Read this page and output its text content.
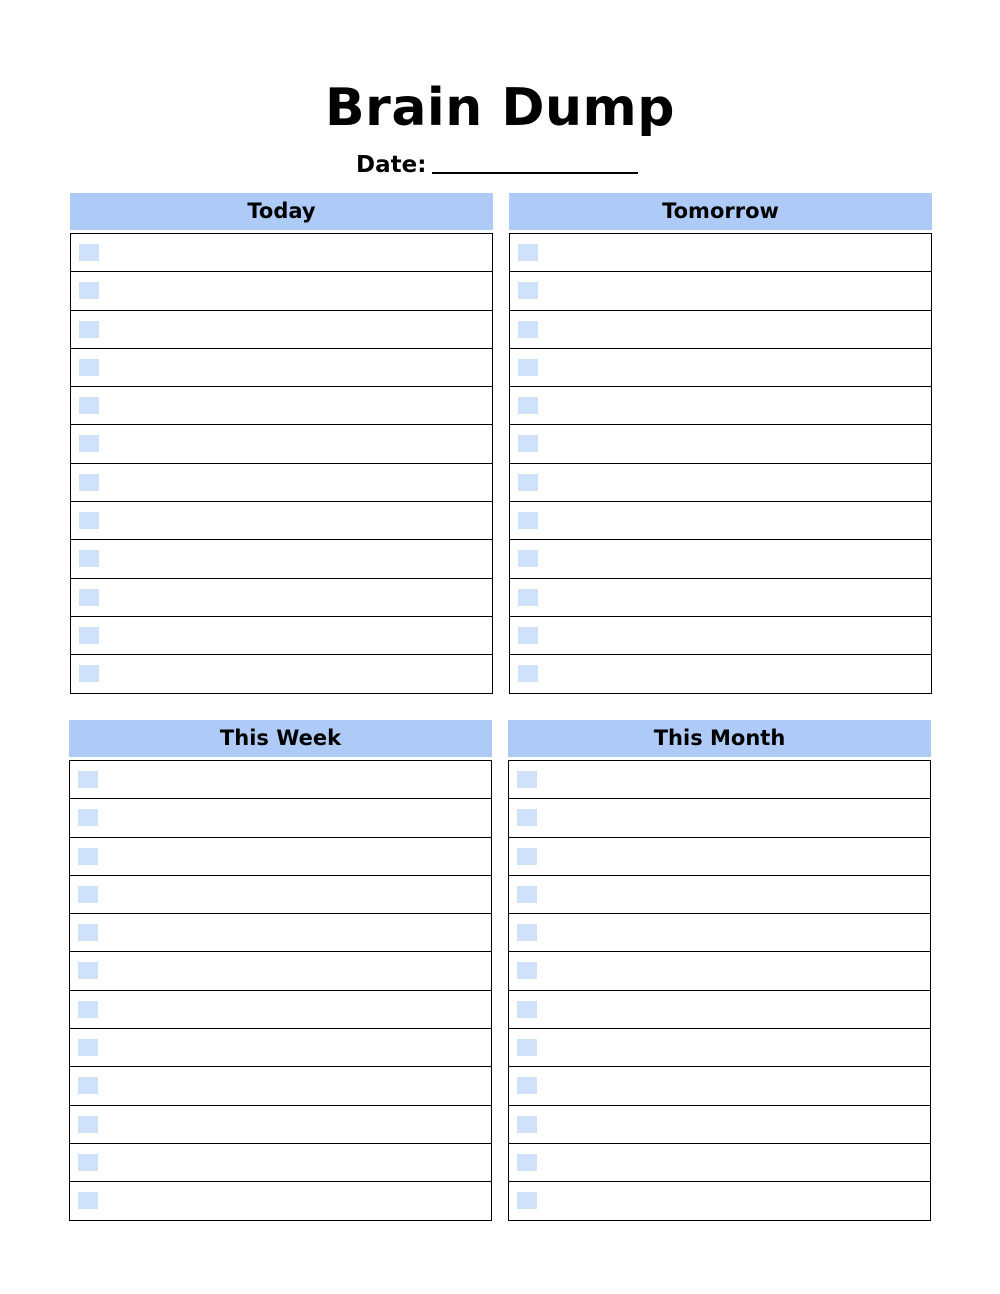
Brain Dump
Date:
Today	Tomorrow
This Week	This Month
